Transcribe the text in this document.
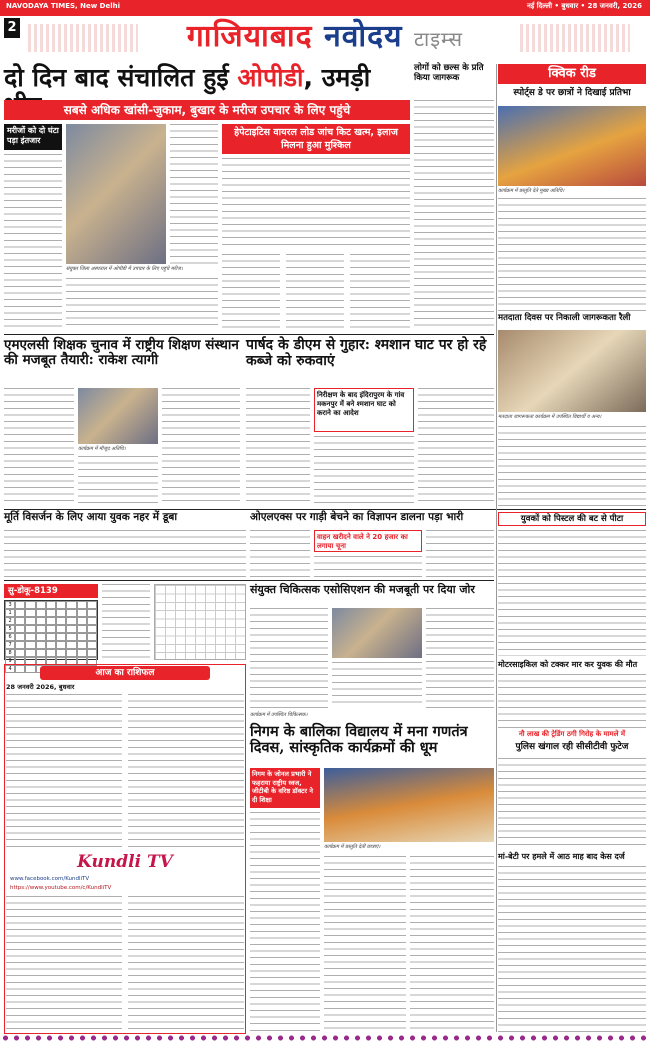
NAVODAYA TIMES, New Delhi	नई दिल्ली • बुधवार • 28 जनवरी, 2026
2	गाजियाबाद नवोदय टाइम्स
दो दिन बाद संचालित हुई ओपीडी, उमड़ी
सबसे अधिक खांसी-जुकाम, बुखार के मरीज उपचार के लिए पहुंचे
मरीजों को दो घंटा पड़ा इंतजार
संयुक्त जिला अस्पताल में ओपीडी में उपचार के लिए पहुंचे मरीज।
हेपेटाइटिस वायरल लोड जांच किट खत्म, इलाज मिलना हुआ मुश्किल
लोगों को छल्स के प्रति किया जागरूक	क्विक रीड
स्पोर्ट्स डे पर छात्रों ने दिखाई प्रतिभा
कार्यक्रम में प्रस्तुति देते मुख्य अतिथि।
मतदाता दिवस पर निकाली जागरूकता रैली
मतदाता जागरूकता कार्यक्रम में उपस्थित विद्यार्थी व अन्य।
एमएलसी शिक्षक चुनाव में राष्ट्रीय शिक्षण संस्थान की मजबूत तैयारी: राकेश त्यागी
कार्यक्रम में मौजूद अतिथि।
पार्षद के डीएम से गुहार: श्मशान घाट पर हो रहे कब्जे को रुकवाएं
निरीक्षण के बाद इंदिरापुरम के गांव मकनपुर में बने श्मशान घाट को कराने का आदेश
मूर्ति विसर्जन के लिए आया युवक नहर में डूबा	ओएलएक्स पर गाड़ी बेचने का विज्ञापन डालना पड़ा भारी
वाहन खरीदने वाले ने 20 हजार का लगाया चूना
युवकों को पिस्टल की बट से पीटा
सु-डोकू-8139
3
1
2
5
6
7
8
9
4
संयुक्त चिकित्सक एसोसिएशन की मजबूती पर दिया जोर
कार्यक्रम में उपस्थित चिकित्सक।
मोटरसाइकिल को टक्कर मार कर युवक की मौत
नौ लाख की ट्रेडिंग ठगी गिरोह के मामले में
पुलिस खंगाल रही सीसीटीवी फुटेज
आज का राशिफल
28 जनवरी 2026, बुधवार
Kundli TV
www.facebook.com/KundliTV
https://www.youtube.com/c/KundliTV
निगम के बालिका विद्यालय में मना गणतंत्र दिवस, सांस्कृतिक कार्यक्रमों की धूम
निगम के जोनल प्रभारी ने फहराया राष्ट्रीय ध्वज, जीटीबी के वरिष्ठ डॉक्टर ने दी शिक्षा
कार्यक्रम में प्रस्तुति देतीं छात्राएं।
मां-बेटी पर हमले में आठ माह बाद केस दर्ज
